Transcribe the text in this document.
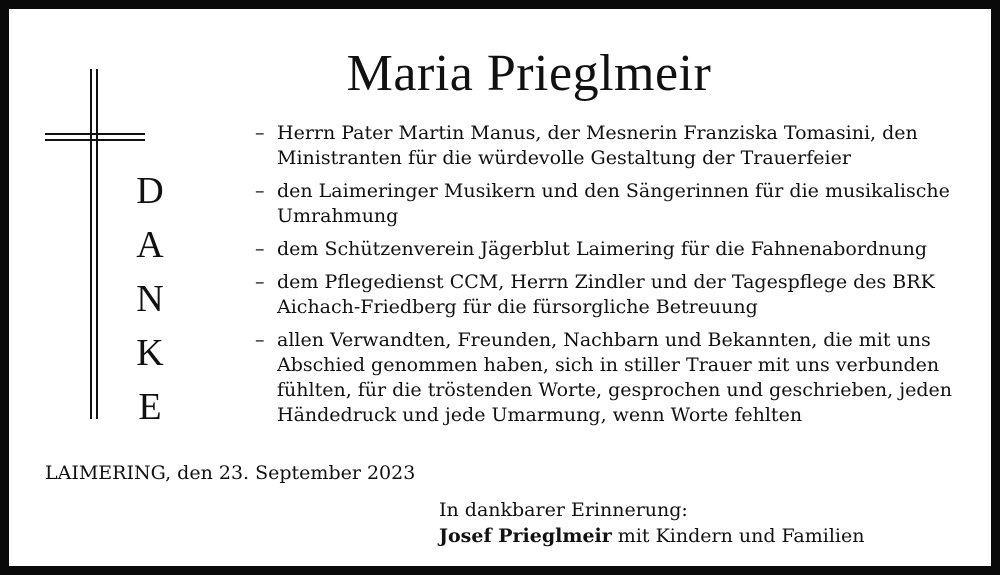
D
A
N
K
E
Maria Prieglmeir
– Herrn Pater Martin Manus, der Mesnerin Franziska Tomasini, den Ministranten für die würdevolle Gestaltung der Trauerfeier
– den Laimeringer Musikern und den Sängerinnen für die musikalische Umrahmung
– dem Schützenverein Jägerblut Laimering für die Fahnenabordnung
– dem Pflegedienst CCM, Herrn Zindler und der Tagespflege des BRK Aichach-Friedberg für die fürsorgliche Betreuung
– allen Verwandten, Freunden, Nachbarn und Bekannten, die mit uns Abschied genommen haben, sich in stiller Trauer mit uns verbunden fühlten, für die tröstenden Worte, gesprochen und geschrieben, jeden Händedruck und jede Umarmung, wenn Worte fehlten
LAIMERING, den 23. September 2023
In dankbarer Erinnerung:
Josef Prieglmeir mit Kindern und Familien
